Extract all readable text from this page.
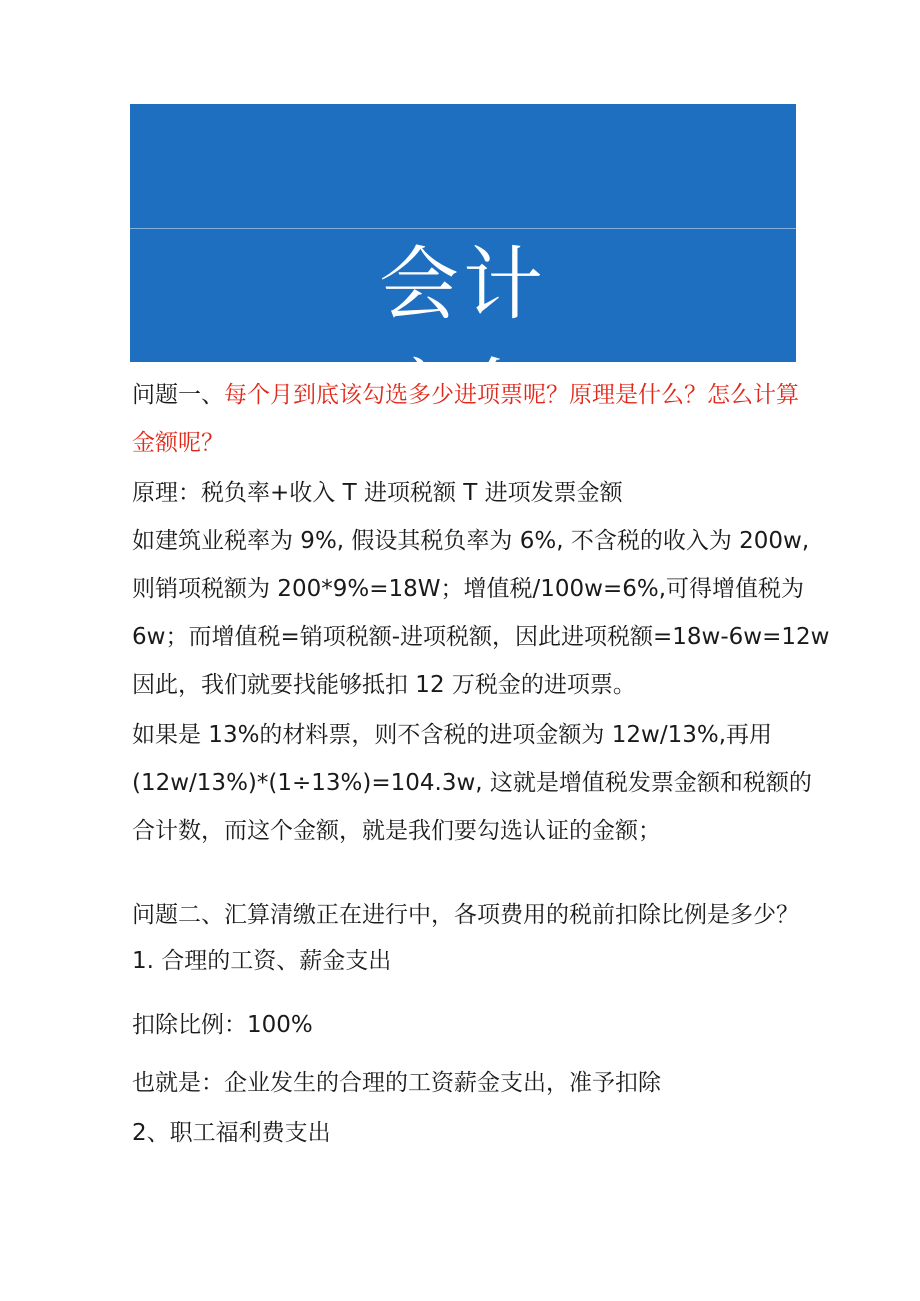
会计
实务

问题一、每个月到底该勾选多少进项票呢？原理是什么？怎么计算

金额呢？

原理：税负率+收入 T 进项税额 T 进项发票金额

如建筑业税率为 9%, 假设其税负率为 6%, 不含税的收入为 200w,

则销项税额为 200*9%=18W；增值税/100w=6%,可得增值税为

6w；而增值税=销项税额-进项税额，因此进项税额=18w-6w=12w

因此，我们就要找能够抵扣 12 万税金的进项票。

如果是 13%的材料票，则不含税的进项金额为 12w/13%,再用

(12w/13%)*(1÷13%)=104.3w, 这就是增值税发票金额和税额的

合计数，而这个金额，就是我们要勾选认证的金额；

问题二、汇算清缴正在进行中，各项费用的税前扣除比例是多少？

1. 合理的工资、薪金支出

扣除比例：100%

也就是：企业发生的合理的工资薪金支出，准予扣除

2、职工福利费支出
